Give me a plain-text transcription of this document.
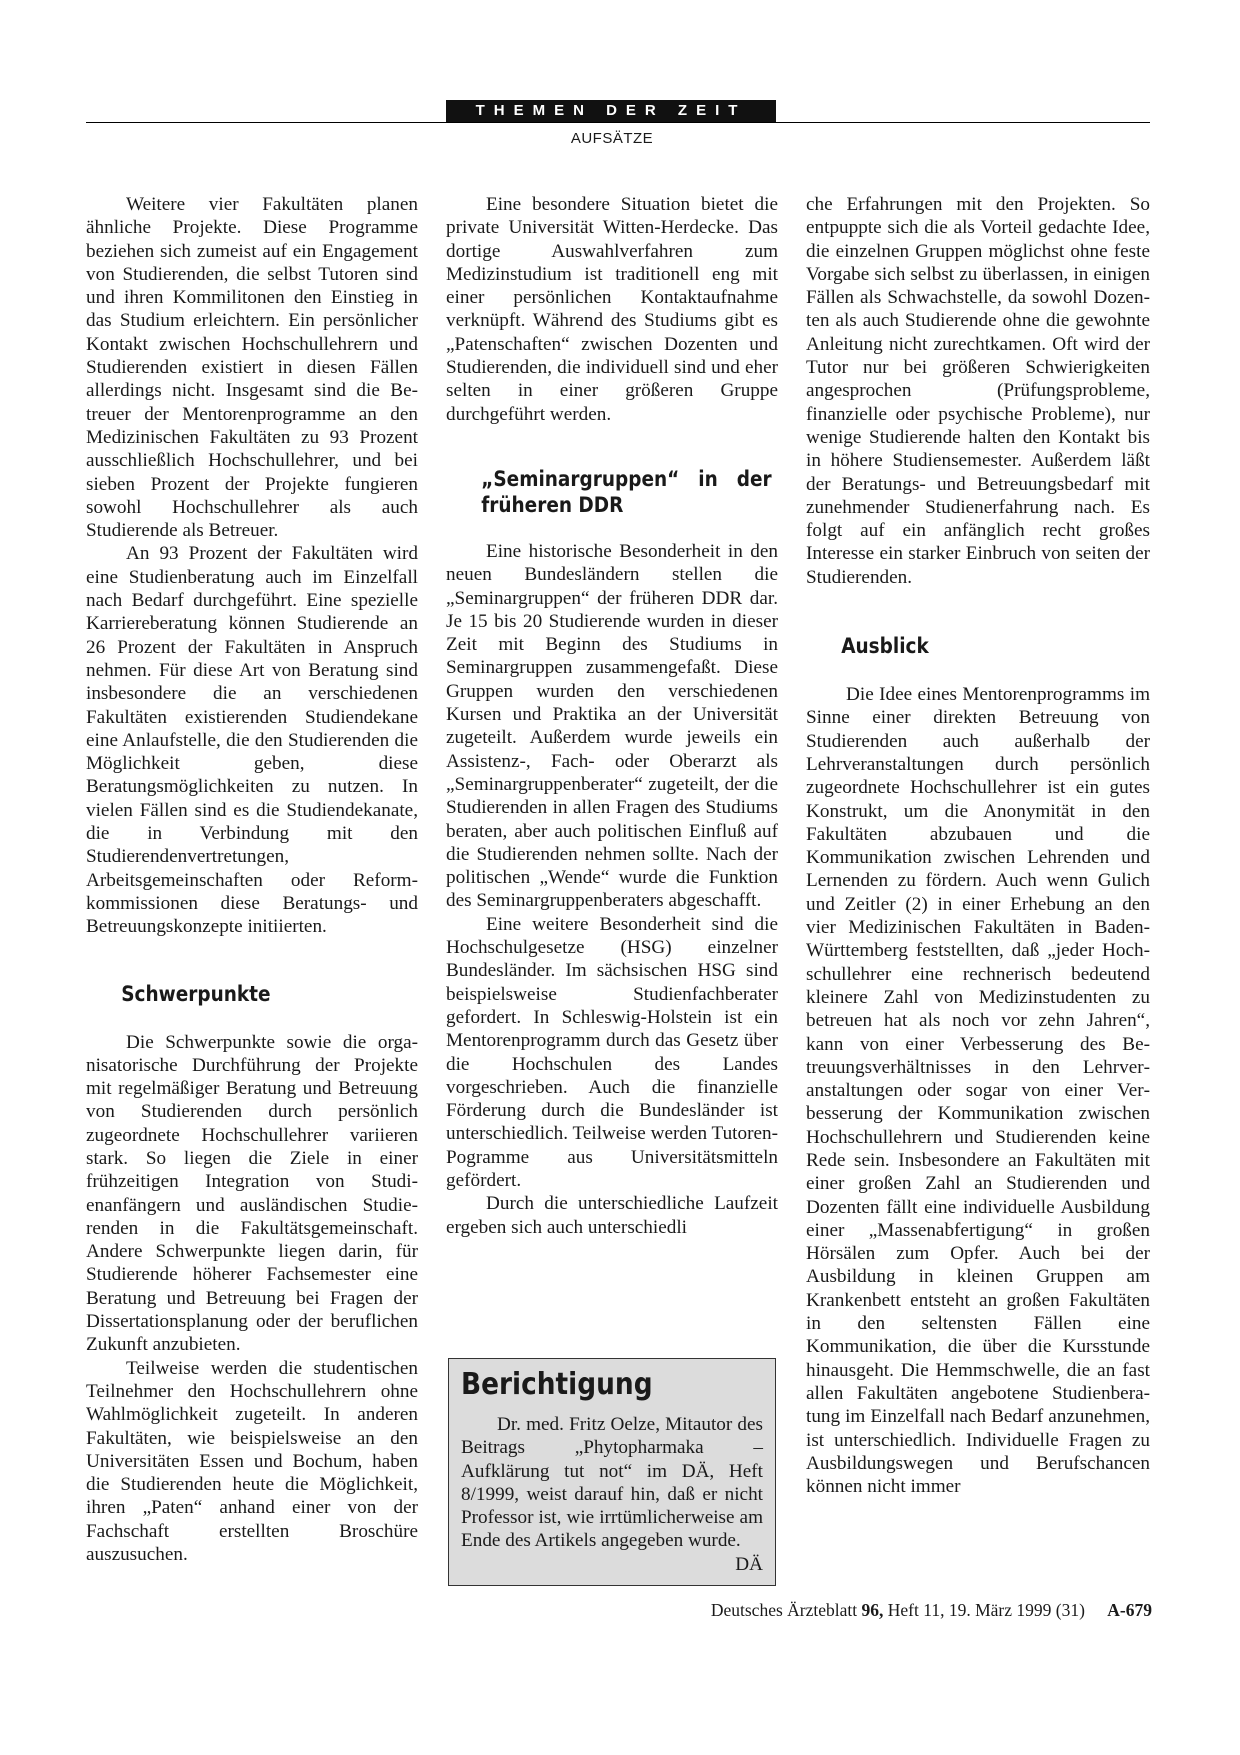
THEMEN DER ZEIT
AUFSÄTZE

Weitere vier Fakultäten planen ähnliche Projekte. Diese Programme beziehen sich zumeist auf ein Engagement von Studierenden, die selbst Tutoren sind und ihren Kommilitonen den Einstieg in das Studium erleichtern. Ein persönlicher Kontakt zwischen Hochschullehrern und Studierenden existiert in diesen Fällen allerdings nicht. Insgesamt sind die Betreuer der Mentorenprogramme an den Medizinischen Fakultäten zu 93 Prozent ausschließlich Hochschullehrer, und bei sieben Prozent der Projekte fungieren sowohl Hochschullehrer als auch Studierende als Betreuer.

An 93 Prozent der Fakultäten wird eine Studienberatung auch im Einzelfall nach Bedarf durchgeführt. Eine spezielle Karriereberatung können Studierende an 26 Prozent der Fakultäten in Anspruch nehmen. Für diese Art von Beratung sind insbesondere die an verschiedenen Fakultäten existierenden Studiendekane eine Anlaufstelle, die den Studierenden die Möglichkeit geben, diese Beratungsmöglichkeiten zu nutzen. In vielen Fällen sind es die Studiendekanate, die in Verbindung mit den Studierendenvertretungen, Arbeitsgemeinschaften oder Reformkommissionen diese Beratungs- und Betreuungskonzepte initiierten.

Schwerpunkte

Die Schwerpunkte sowie die organisatorische Durchführung der Projekte mit regelmäßiger Beratung und Betreuung von Studierenden durch persönlich zugeordnete Hochschullehrer variieren stark. So liegen die Ziele in einer frühzeitigen Integration von Studienanfängern und ausländischen Studierenden in die Fakultätsgemeinschaft. Andere Schwerpunkte liegen darin, für Studierende höherer Fachsemester eine Beratung und Betreuung bei Fragen der Dissertationsplanung oder der beruflichen Zukunft anzubieten.

Teilweise werden die studentischen Teilnehmer den Hochschullehrern ohne Wahlmöglichkeit zugeteilt. In anderen Fakultäten, wie beispielsweise an den Universitäten Essen und Bochum, haben die Studierenden heute die Möglichkeit, ihren „Paten“ anhand einer von der Fachschaft erstellten Broschüre auszusuchen.

Eine besondere Situation bietet die private Universität Witten-Herdecke. Das dortige Auswahlverfahren zum Medizinstudium ist traditionell eng mit einer persönlichen Kontaktaufnahme verknüpft. Während des Studiums gibt es „Patenschaften“ zwischen Dozenten und Studierenden, die individuell sind und eher selten in einer größeren Gruppe durchgeführt werden.

„Seminargruppen“ in der früheren DDR

Eine historische Besonderheit in den neuen Bundesländern stellen die „Seminargruppen“ der früheren DDR dar. Je 15 bis 20 Studierende wurden in dieser Zeit mit Beginn des Studiums in Seminargruppen zusammengefaßt. Diese Gruppen wurden den verschiedenen Kursen und Praktika an der Universität zugeteilt. Außerdem wurde jeweils ein Assistenz-, Fach- oder Oberarzt als „Seminargruppenberater“ zugeteilt, der die Studierenden in allen Fragen des Studiums beraten, aber auch politischen Einfluß auf die Studierenden nehmen sollte. Nach der politischen „Wende“ wurde die Funktion des Seminargruppenberaters abgeschafft.

Eine weitere Besonderheit sind die Hochschulgesetze (HSG) einzelner Bundesländer. Im sächsischen HSG sind beispielsweise Studienfachberater gefordert. In Schleswig-Holstein ist ein Mentorenprogramm durch das Gesetz über die Hochschulen des Landes vorgeschrieben. Auch die finanzielle Förderung durch die Bundesländer ist unterschiedlich. Teilweise werden Tutoren-Pogramme aus Universitätsmitteln gefördert.

Durch die unterschiedliche Laufzeit ergeben sich auch unterschiedli

Berichtigung

Dr. med. Fritz Oelze, Mitautor des Beitrags „Phytopharmaka – Aufklärung tut not“ im DÄ, Heft 8/1999, weist darauf hin, daß er nicht Professor ist, wie irrtümlicherweise am Ende des Artikels angegeben wurde.
DÄ

che Erfahrungen mit den Projekten. So entpuppte sich die als Vorteil gedachte Idee, die einzelnen Gruppen möglichst ohne feste Vorgabe sich selbst zu überlassen, in einigen Fällen als Schwachstelle, da sowohl Dozenten als auch Studierende ohne die gewohnte Anleitung nicht zurechtkamen. Oft wird der Tutor nur bei größeren Schwierigkeiten angesprochen (Prüfungsprobleme, finanzielle oder psychische Probleme), nur wenige Studierende halten den Kontakt bis in höhere Studiensemester. Außerdem läßt der Beratungs- und Betreuungsbedarf mit zunehmender Studienerfahrung nach. Es folgt auf ein anfänglich recht großes Interesse ein starker Einbruch von seiten der Studierenden.

Ausblick

Die Idee eines Mentorenprogramms im Sinne einer direkten Betreuung von Studierenden auch außerhalb der Lehrveranstaltungen durch persönlich zugeordnete Hochschullehrer ist ein gutes Konstrukt, um die Anonymität in den Fakultäten abzubauen und die Kommunikation zwischen Lehrenden und Lernenden zu fördern. Auch wenn Gulich und Zeitler (2) in einer Erhebung an den vier Medizinischen Fakultäten in Baden-Württemberg feststellten, daß „jeder Hochschullehrer eine rechnerisch bedeutend kleinere Zahl von Medizinstudenten zu betreuen hat als noch vor zehn Jahren“, kann von einer Verbesserung des Betreuungsverhältnisses in den Lehrveranstaltungen oder sogar von einer Verbesserung der Kommunikation zwischen Hochschullehrern und Studierenden keine Rede sein. Insbesondere an Fakultäten mit einer großen Zahl an Studierenden und Dozenten fällt eine individuelle Ausbildung einer „Massenabfertigung“ in großen Hörsälen zum Opfer. Auch bei der Ausbildung in kleinen Gruppen am Krankenbett entsteht an großen Fakultäten in den seltensten Fällen eine Kommunikation, die über die Kursstunde hinausgeht. Die Hemmschwelle, die an fast allen Fakultäten angebotene Studienberatung im Einzelfall nach Bedarf anzunehmen, ist unterschiedlich. Individuelle Fragen zu Ausbildungswegen und Berufschancen können nicht immer

Deutsches Ärzteblatt 96, Heft 11, 19. März 1999 (31) A-679
